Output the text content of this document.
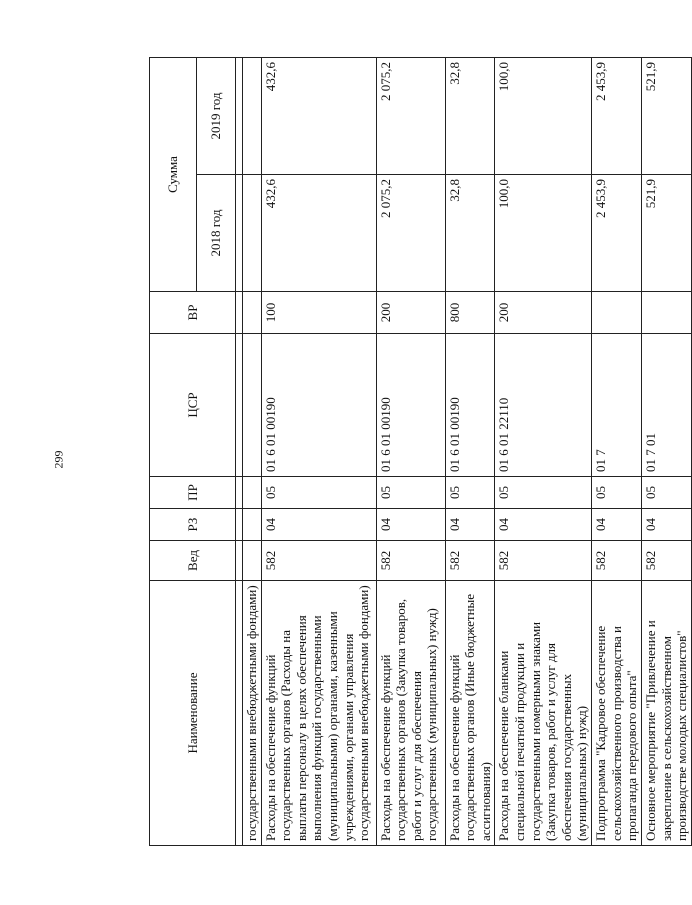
299
Наименование	Вед	РЗ	ПР	ЦСР	ВР	Сумма	
						2018 год	2019 год

государственными внебюджетными фондами)							
Расходы на обеспечение функций государственных органов (Расходы на выплаты персоналу в целях обеспечения выполнения функций государственными (муниципальными) органами, казенными учреждениями, органами управления государственными внебюджетными фондами)	582	04	05	01 6 01 00190	100	432,6	432,6
Расходы на обеспечение функций государственных органов (Закупка товаров, работ и услуг для обеспечения государственных (муниципальных) нужд)	582	04	05	01 6 01 00190	200	2 075,2	2 075,2
Расходы на обеспечение функций государственных органов (Иные бюджетные ассигнования)	582	04	05	01 6 01 00190	800	32,8	32,8
Расходы на обеспечение бланками специальной печатной продукции и государственными номерными знаками (Закупка товаров, работ и услуг для обеспечения государственных (муниципальных) нужд)	582	04	05	01 6 01 22110	200	100,0	100,0
Подпрограмма "Кадровое обеспечение сельскохозяйственного производства и пропаганда передового опыта"	582	04	05	01 7		2 453,9	2 453,9
Основное мероприятие "Привлечение и закрепление в сельскохозяйственном производстве молодых специалистов"	582	04	05	01 7 01		521,9	521,9
